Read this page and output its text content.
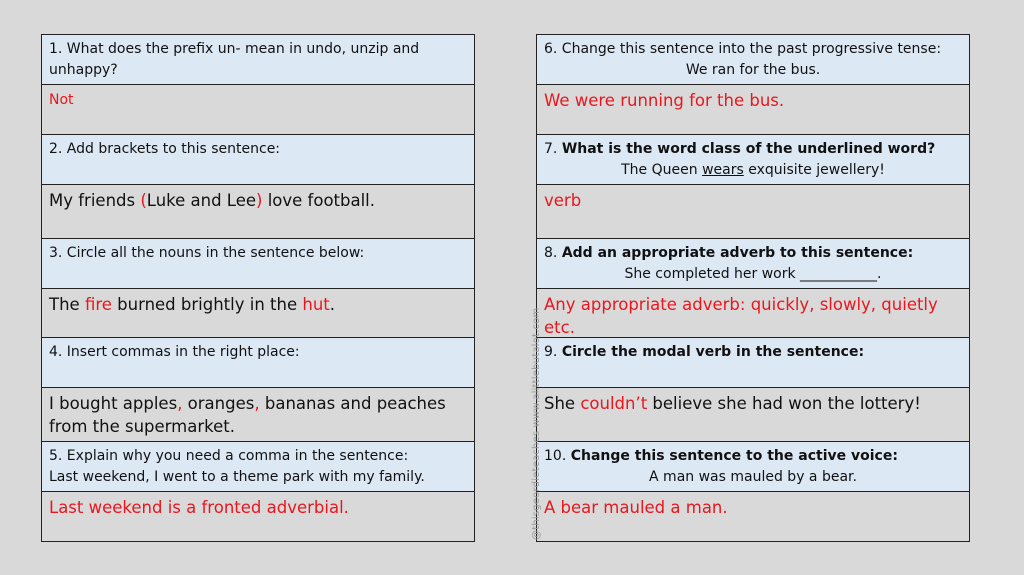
1. What does the prefix un- mean in undo, unzip and unhappy?
Not
2. Add brackets to this sentence:
My friends (Luke and Lee) love football.
3. Circle all the nouns in the sentence below:
The fire burned brightly in the hut.
4. Insert commas in the right place:
I bought apples, oranges, bananas and peaches from the supermarket.
5. Explain why you need a comma in the sentence:
Last weekend, I went to a theme park with my family.
Last weekend is a fronted adverbial.
6. Change this sentence into the past progressive tense:
We ran for the bus.
We were running for the bus.
7. What is the word class of the underlined word?
The Queen wears exquisite jewellery!
verb
8. Add an appropriate adverb to this sentence:
She completed her work ___________.
Any appropriate adverb: quickly, slowly, quietly etc.
9. Circle the modal verb in the sentence:
She couldn’t believe she had won the lottery!
10. Change this sentence to the active voice:
A man was mauled by a bear.
A bear mauled a man.
@thisgeordieteaches www.alittlebutalot.com
